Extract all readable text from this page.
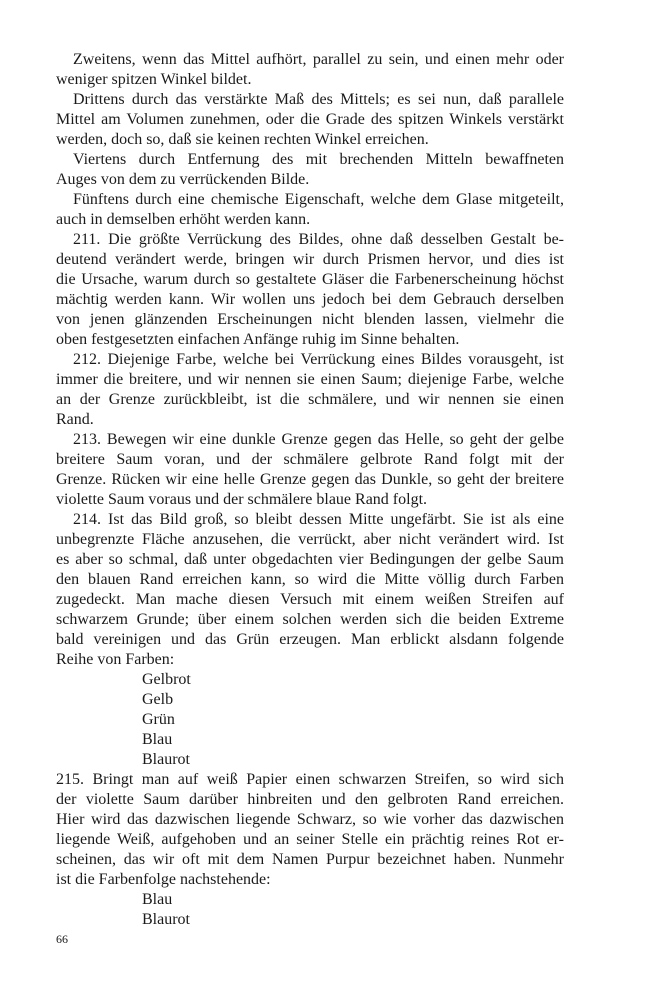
Zweitens, wenn das Mittel aufhört, parallel zu sein, und einen mehr oder
weniger spitzen Winkel bildet.
Drittens durch das verstärkte Maß des Mittels; es sei nun, daß parallele
Mittel am Volumen zunehmen, oder die Grade des spitzen Winkels verstärkt
werden, doch so, daß sie keinen rechten Winkel erreichen.
Viertens durch Entfernung des mit brechenden Mitteln bewaffneten
Auges von dem zu verrückenden Bilde.
Fünftens durch eine chemische Eigenschaft, welche dem Glase mitgeteilt,
auch in demselben erhöht werden kann.
211. Die größte Verrückung des Bildes, ohne daß desselben Gestalt be-
deutend verändert werde, bringen wir durch Prismen hervor, und dies ist
die Ursache, warum durch so gestaltete Gläser die Farbenerscheinung höchst
mächtig werden kann. Wir wollen uns jedoch bei dem Gebrauch derselben
von jenen glänzenden Erscheinungen nicht blenden lassen, vielmehr die
oben festgesetzten einfachen Anfänge ruhig im Sinne behalten.
212. Diejenige Farbe, welche bei Verrückung eines Bildes vorausgeht, ist
immer die breitere, und wir nennen sie einen Saum; diejenige Farbe, welche
an der Grenze zurückbleibt, ist die schmälere, und wir nennen sie einen
Rand.
213. Bewegen wir eine dunkle Grenze gegen das Helle, so geht der gelbe
breitere Saum voran, und der schmälere gelbrote Rand folgt mit der
Grenze. Rücken wir eine helle Grenze gegen das Dunkle, so geht der breitere
violette Saum voraus und der schmälere blaue Rand folgt.
214. Ist das Bild groß, so bleibt dessen Mitte ungefärbt. Sie ist als eine
unbegrenzte Fläche anzusehen, die verrückt, aber nicht verändert wird. Ist
es aber so schmal, daß unter obgedachten vier Bedingungen der gelbe Saum
den blauen Rand erreichen kann, so wird die Mitte völlig durch Farben
zugedeckt. Man mache diesen Versuch mit einem weißen Streifen auf
schwarzem Grunde; über einem solchen werden sich die beiden Extreme
bald vereinigen und das Grün erzeugen. Man erblickt alsdann folgende
Reihe von Farben:
Gelbrot
Gelb
Grün
Blau
Blaurot
215. Bringt man auf weiß Papier einen schwarzen Streifen, so wird sich
der violette Saum darüber hinbreiten und den gelbroten Rand erreichen.
Hier wird das dazwischen liegende Schwarz, so wie vorher das dazwischen
liegende Weiß, aufgehoben und an seiner Stelle ein prächtig reines Rot er-
scheinen, das wir oft mit dem Namen Purpur bezeichnet haben. Nunmehr
ist die Farbenfolge nachstehende:
Blau
Blaurot
66
